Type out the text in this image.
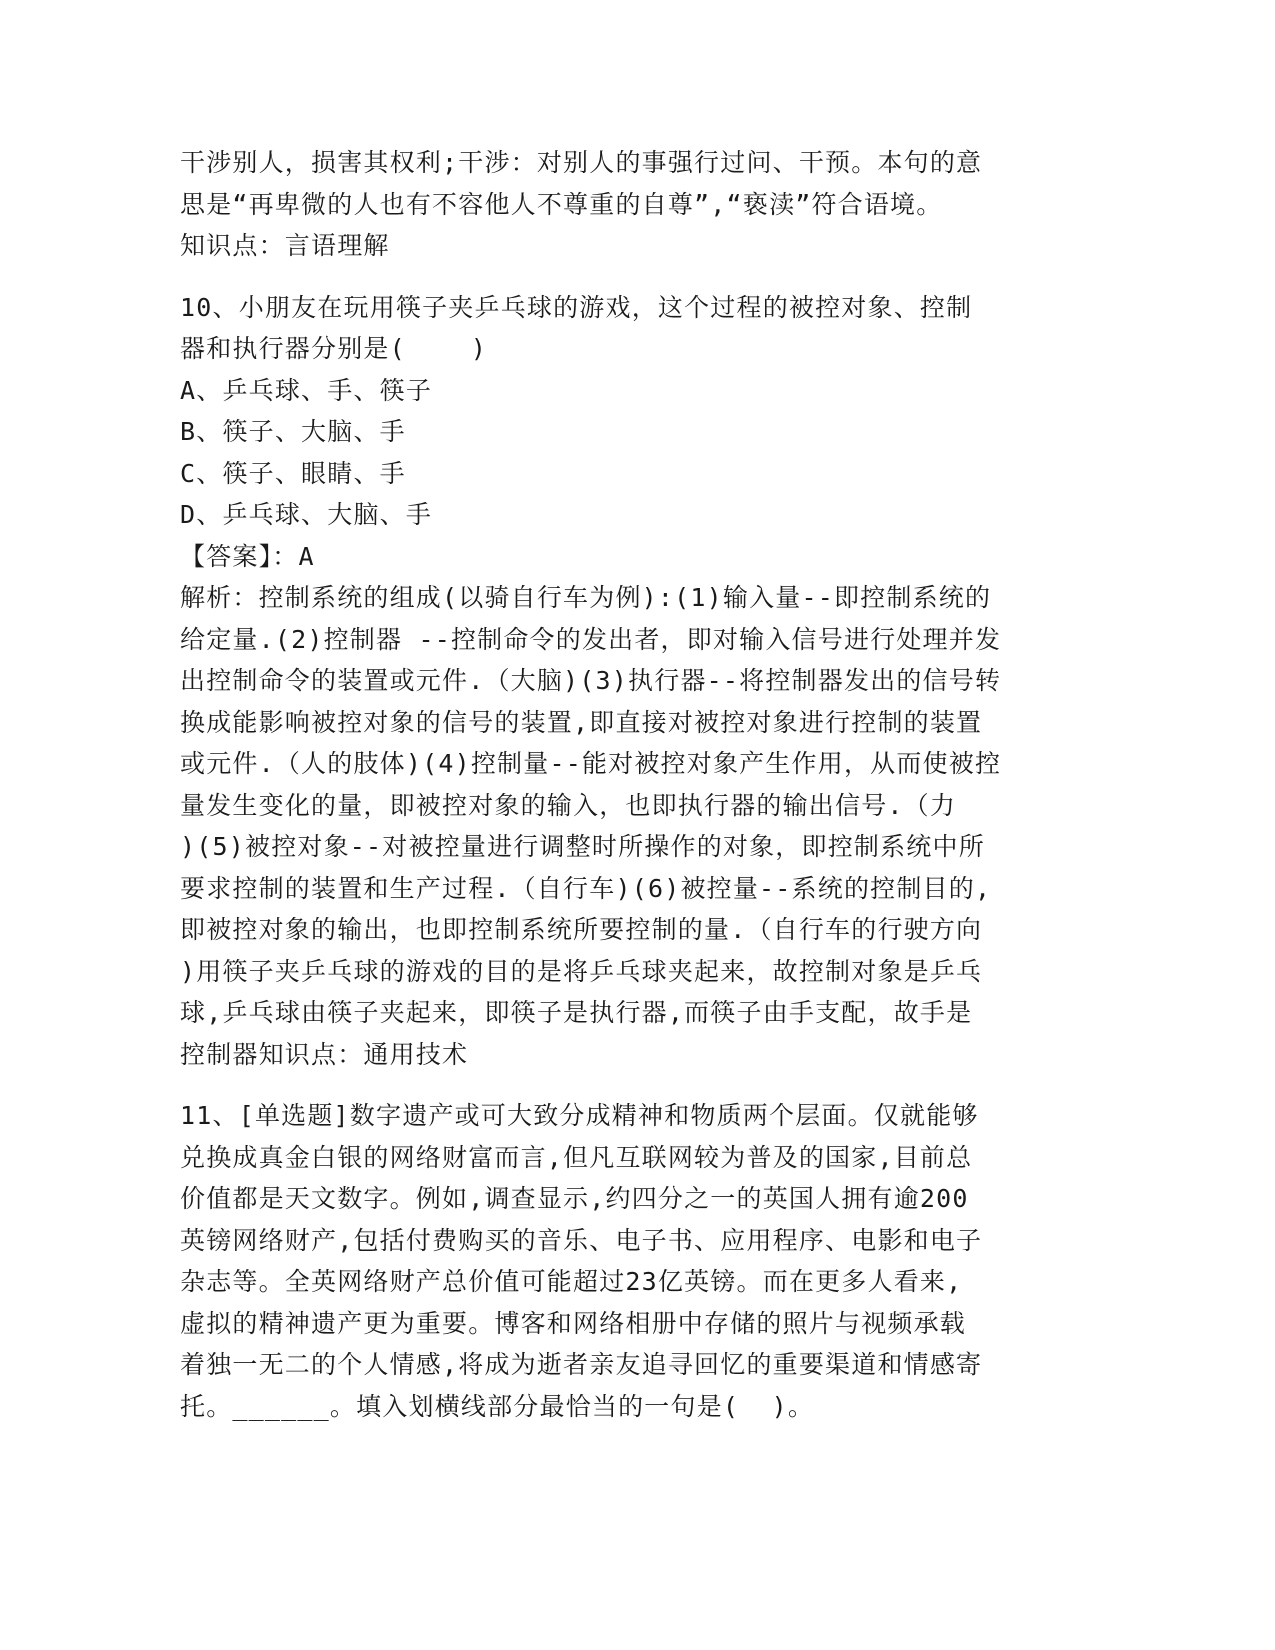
干涉别人，损害其权利;干涉：对别人的事强行过问、干预。本句的意
思是“再卑微的人也有不容他人不尊重的自尊”,“亵渎”符合语境。
知识点：言语理解
10、小朋友在玩用筷子夹乒乓球的游戏，这个过程的被控对象、控制
器和执行器分别是(    )
A、乒乓球、手、筷子
B、筷子、大脑、手
C、筷子、眼睛、手
D、乒乓球、大脑、手
【答案】：A
解析：控制系统的组成(以骑自行车为例):(1)输入量--即控制系统的
给定量.(2)控制器 --控制命令的发出者，即对输入信号进行处理并发
出控制命令的装置或元件.（大脑)(3)执行器--将控制器发出的信号转
换成能影响被控对象的信号的装置,即直接对被控对象进行控制的装置
或元件.（人的肢体)(4)控制量--能对被控对象产生作用，从而使被控
量发生变化的量，即被控对象的输入，也即执行器的输出信号.（力
)(5)被控对象--对被控量进行调整时所操作的对象，即控制系统中所
要求控制的装置和生产过程.（自行车)(6)被控量--系统的控制目的,
即被控对象的输出，也即控制系统所要控制的量.（自行车的行驶方向
)用筷子夹乒乓球的游戏的目的是将乒乓球夹起来，故控制对象是乒乓
球,乒乓球由筷子夹起来，即筷子是执行器,而筷子由手支配，故手是
控制器知识点：通用技术
11、[单选题]数字遗产或可大致分成精神和物质两个层面。仅就能够
兑换成真金白银的网络财富而言,但凡互联网较为普及的国家,目前总
价值都是天文数字。例如,调查显示,约四分之一的英国人拥有逾200
英镑网络财产,包括付费购买的音乐、电子书、应用程序、电影和电子
杂志等。全英网络财产总价值可能超过23亿英镑。而在更多人看来,
虚拟的精神遗产更为重要。博客和网络相册中存储的照片与视频承载
着独一无二的个人情感,将成为逝者亲友追寻回忆的重要渠道和情感寄
托。______。填入划横线部分最恰当的一句是(  )。
